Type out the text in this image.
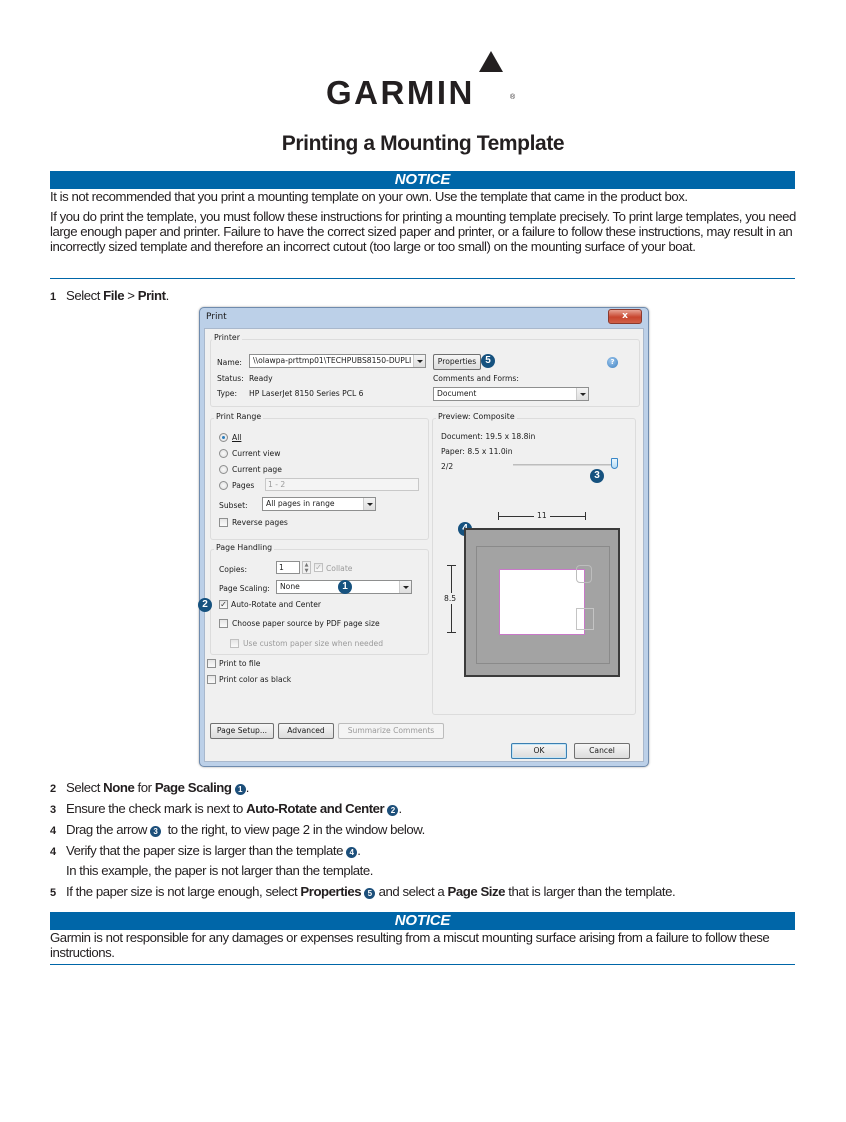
GARMIN	®
Printing a Mounting Template
NOTICE
It is not recommended that you print a mounting template on your own. Use the template that came in the product box.
If you do print the template, you must follow these instructions for printing a mounting template precisely. To print large templates, you need large enough paper and printer. Failure to have the correct sized paper and printer, or a failure to follow these instructions, may result in an incorrectly sized template and therefore an incorrect cutout (too large or too small) on the mounting surface of your boat.
1 Select File > Print.
Print	x
Printer
Name:	\\olawpa-prttmp01\TECHPUBS8150-DUPLI
Status: Ready
Type: HP LaserJet 8150 Series PCL 6
Properties 5	?
Comments and Forms:
Document
Print Range
All
Current view
Current page
Pages	1 - 2
Subset:	All pages in range
Reverse pages
Page Handling
Copies:	1	▲
▼ ✓ Collate
Page Scaling:	None	1
2	✓ Auto-Rotate and Center
Choose paper source by PDF page size
Use custom paper size when needed
Print to file
Print color as black
Preview: Composite
Document: 19.5 x 18.8in
Paper: 8.5 x 11.0in
2/2
3
11
8.5
Page Setup...	Advanced	Summarize Comments
OK	Cancel
2 Select None for Page Scaling 1 .
3 Ensure the check mark is next to Auto-Rotate and Center 2 .
4 Drag the arrow 3  to the right, to view page 2 in the window below.
4 Verify that the paper size is larger than the template 4 .
In this example, the paper is not larger than the template.
5 If the paper size is not large enough, select Properties 5 and select a Page Size that is larger than the template.
NOTICE
Garmin is not responsible for any damages or expenses resulting from a miscut mounting surface arising from a failure to follow these instructions.
